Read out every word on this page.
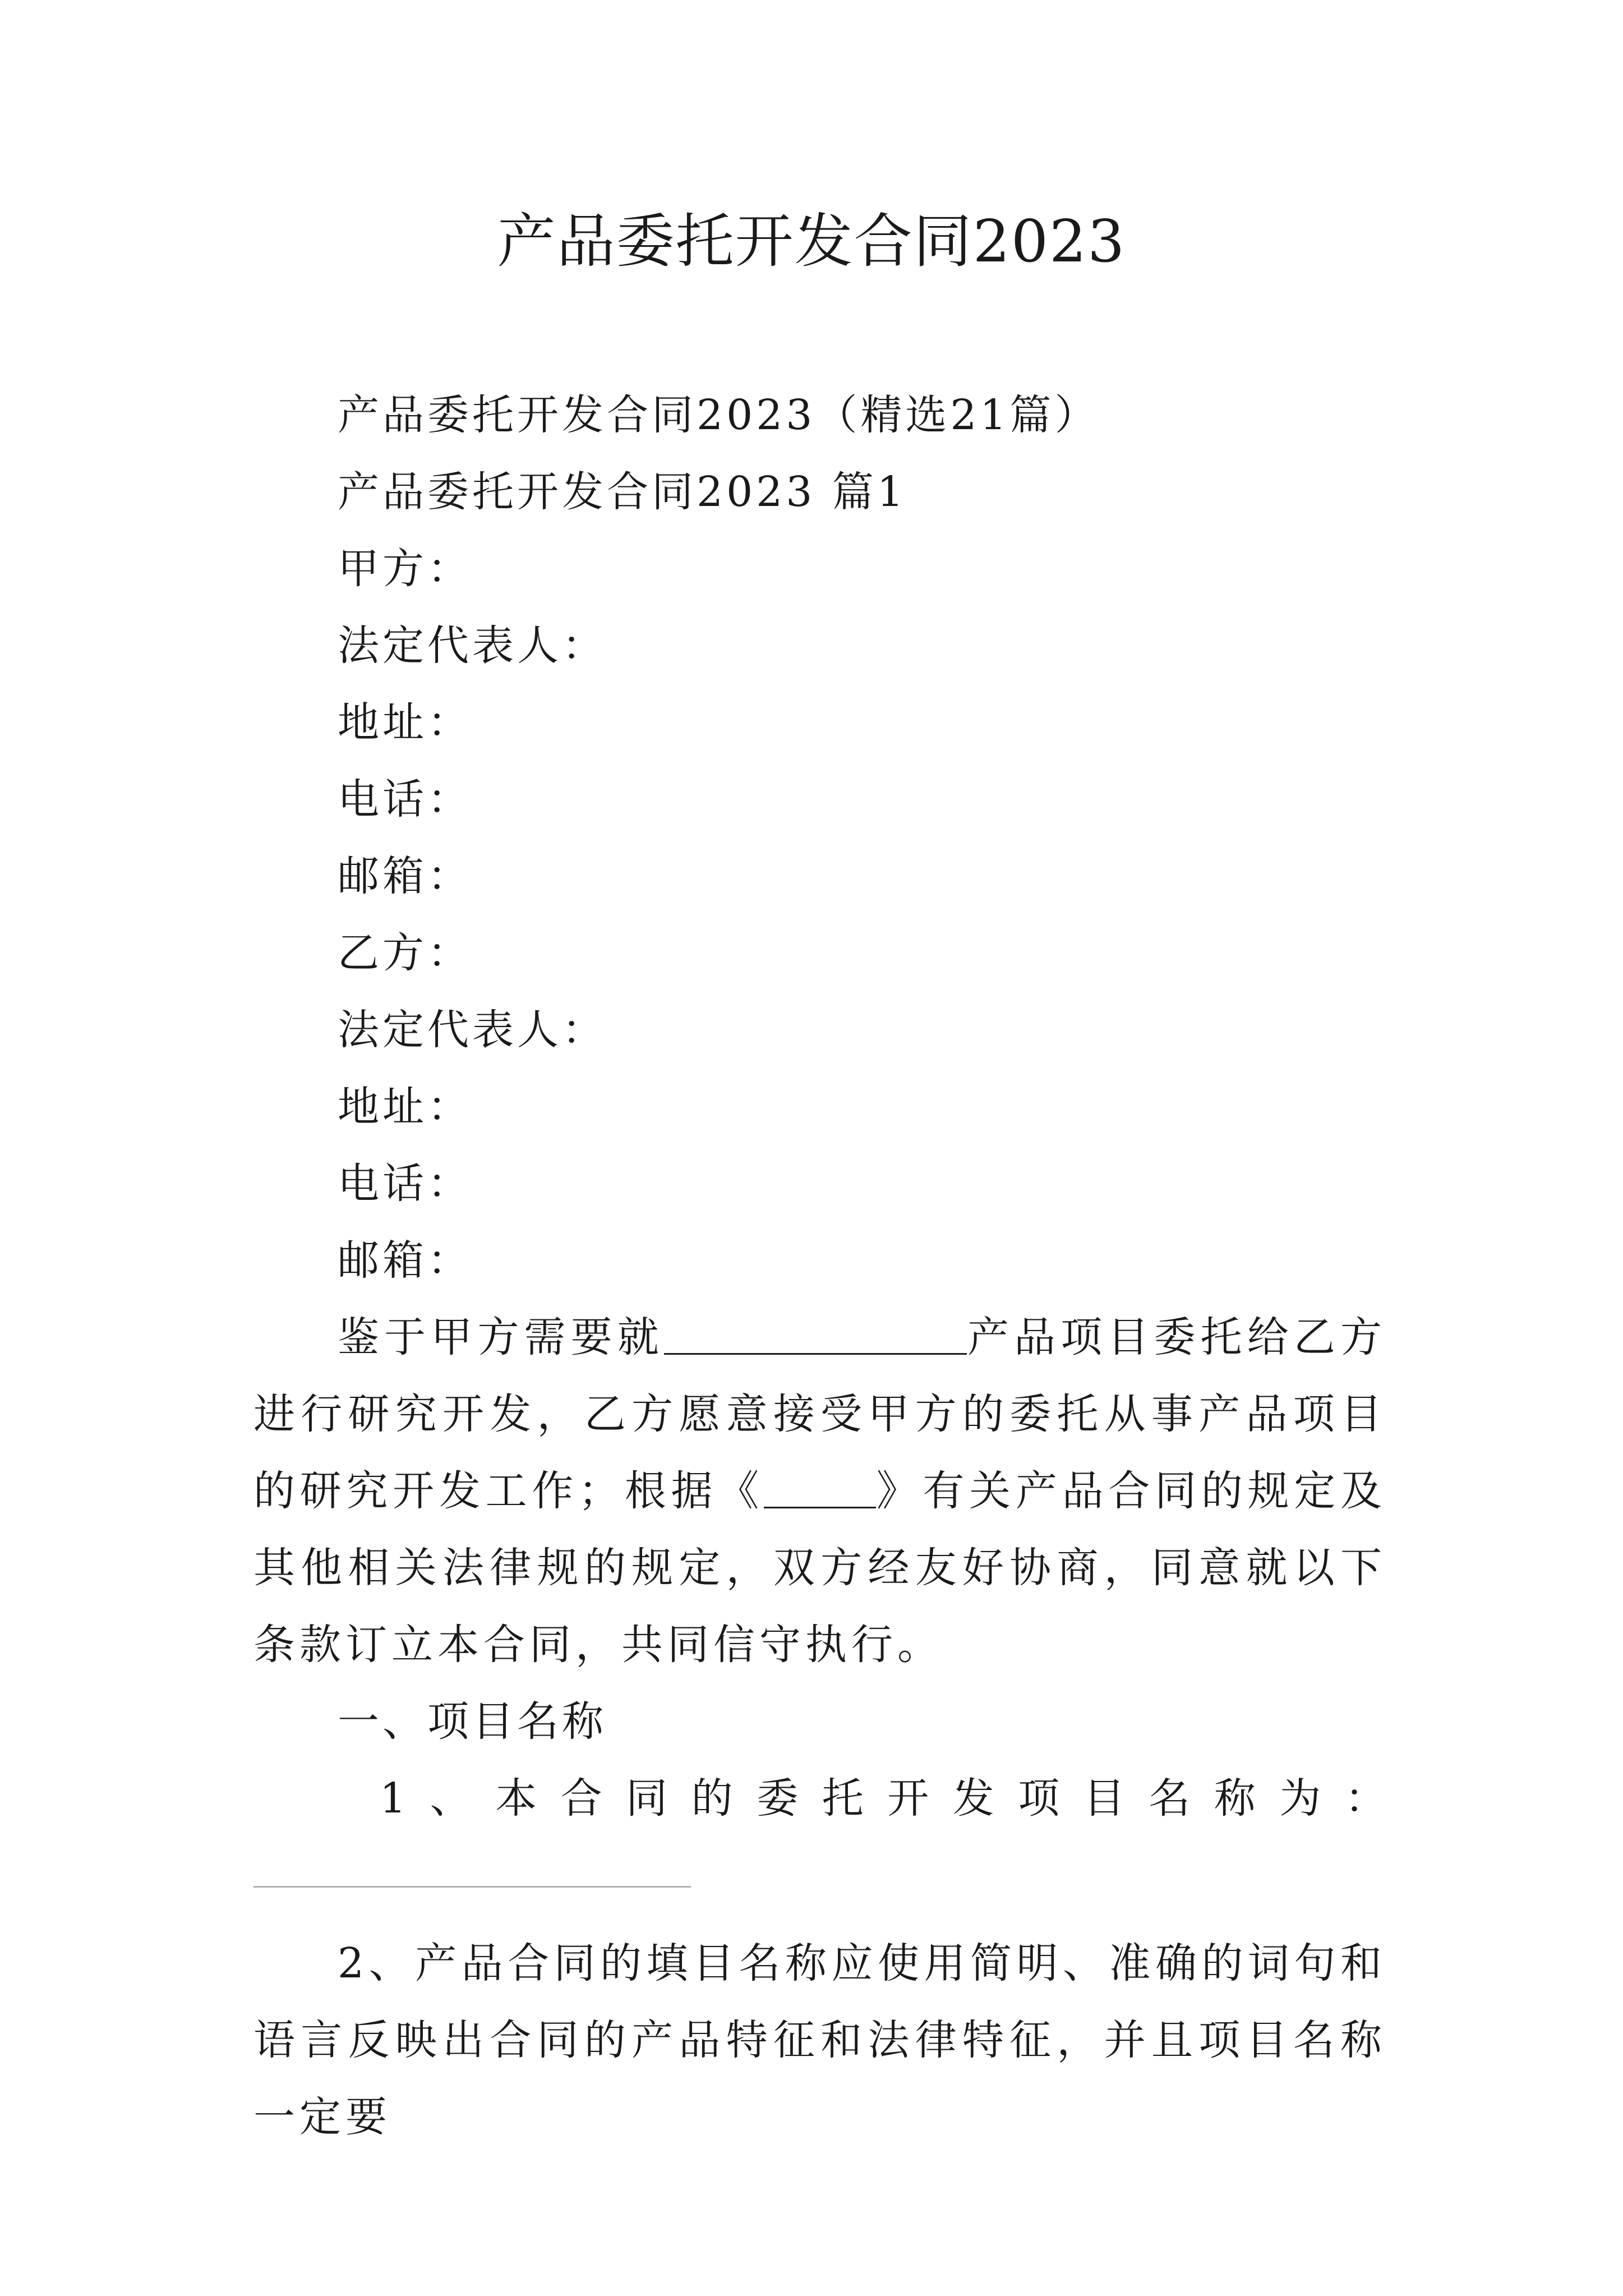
产品委托开发合同2023
产品委托开发合同2023（精选21篇）
产品委托开发合同2023 篇1
甲方：
法定代表人：
地址：
电话：
邮箱：
乙方：
法定代表人：
地址：
电话：
邮箱：
鉴于甲方需要就	产品项目委托给乙方进行研究开发，乙方愿意接受甲方的委托从事产品项目的研究开发工作；根据《	》有关产品合同的规定及其他相关法律规的规定，双方经友好协商，同意就以下条款订立本合同，共同信守执行。
一、项目名称
1 、 本 合 同 的 委 托 开 发 项 目 名 称 为 ：
2、产品合同的填目名称应使用简明、准确的词句和语言反映出合同的产品特征和法律特征，并且项目名称一定要
